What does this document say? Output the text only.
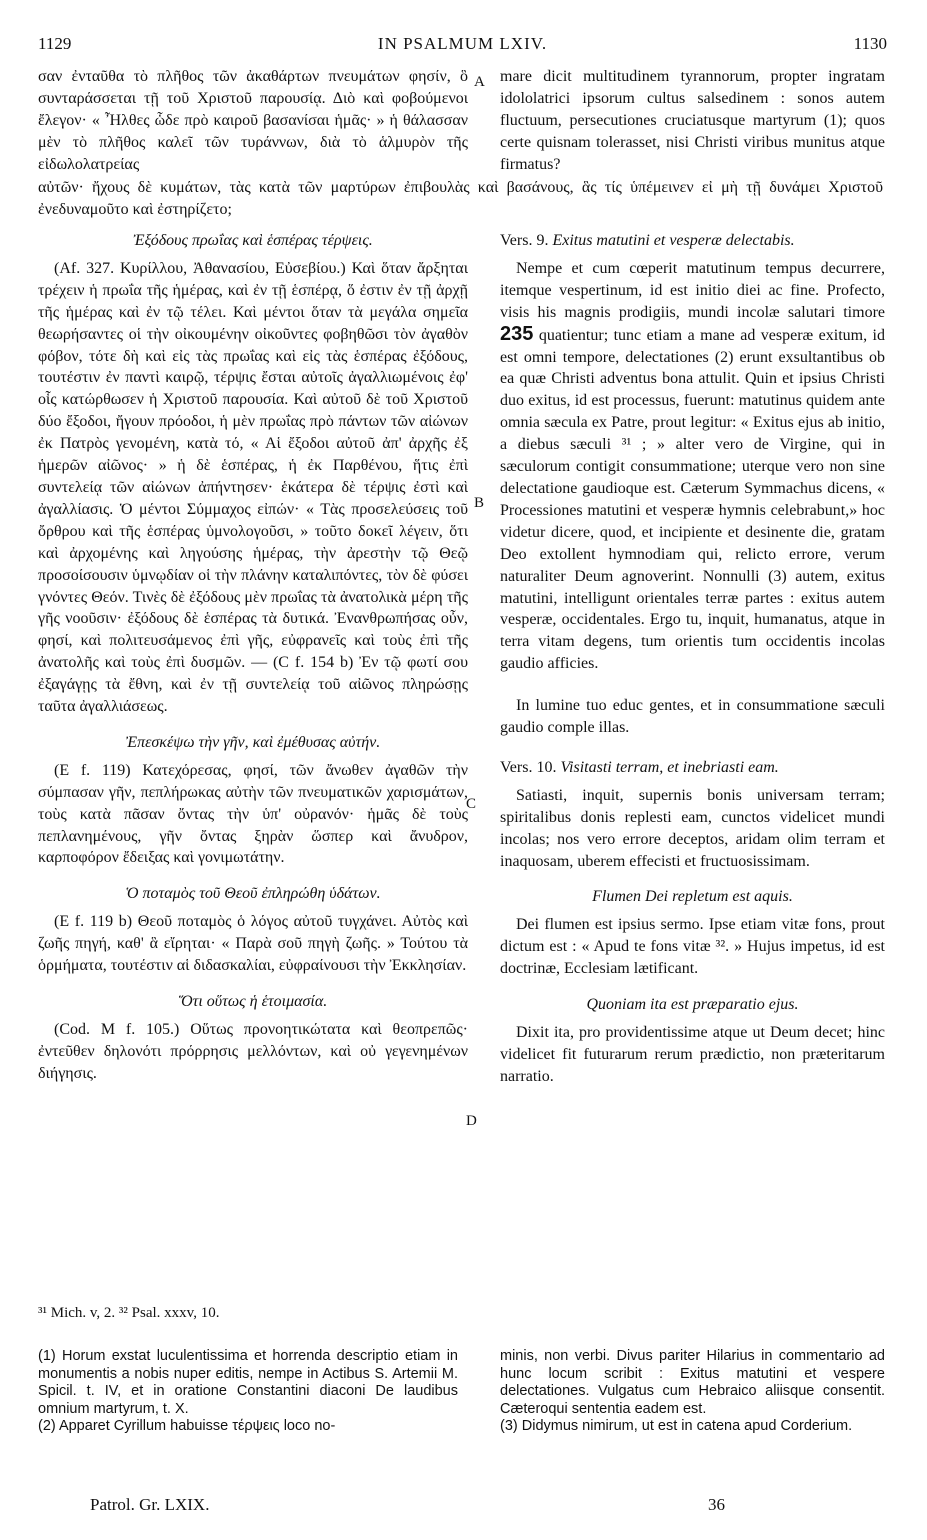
1129	IN PSALMUM LXIV.	1130
A
B
C
D

σαν ἐνταῦθα τὸ πλῆθος τῶν ἀκαθάρτων πνευμάτων φησίν, ὃ συνταράσσεται τῇ τοῦ Χριστοῦ παρουσίᾳ. Διὸ καὶ φοβούμενοι ἔλεγον· « Ἦλθες ὧδε πρὸ καιροῦ βασανίσαι ἡμᾶς· » ἡ θάλασσαν μὲν τὸ πλῆθος καλεῖ τῶν τυράννων, διὰ τὸ ἁλμυρὸν τῆς εἰδωλολατρείας

mare dicit multitudinem tyrannorum, propter ingratam idololatrici ipsorum cultus salsedinem : sonos autem fluctuum, persecutiones cruciatusque martyrum (1); quos certe quisnam tolerasset, nisi Christi viribus munitus atque firmatus?

αὐτῶν· ἤχους δὲ κυμάτων, τὰς κατὰ τῶν μαρτύρων ἐπιβουλὰς καὶ βασάνους, ἃς τίς ὑπέμεινεν εἰ μὴ τῇ δυνάμει Χριστοῦ ἐνεδυναμοῦτο καὶ ἐστηρίζετο;
Ἐξόδους πρωΐας καὶ ἑσπέρας τέρψεις.

(Af. 327. Κυρίλλου, Ἀθανασίου, Εὐσεβίου.) Καὶ ὅταν ἄρξηται τρέχειν ἡ πρωΐα τῆς ἡμέρας, καὶ ἐν τῇ ἑσπέρᾳ, ὅ ἐστιν ἐν τῇ ἀρχῇ τῆς ἡμέρας καὶ ἐν τῷ τέλει. Καὶ μέντοι ὅταν τὰ μεγάλα σημεῖα θεωρήσαντες οἱ τὴν οἰκουμένην οἰκοῦντες φοβηθῶσι τὸν ἀγαθὸν φόβον, τότε δὴ καὶ εἰς τὰς πρωΐας καὶ εἰς τὰς ἑσπέρας ἐξόδους, τουτέστιν ἐν παντὶ καιρῷ, τέρψις ἔσται αὐτοῖς ἀγαλλιωμένοις ἐφ' οἷς κατώρθωσεν ἡ Χριστοῦ παρουσία. Καὶ αὐτοῦ δὲ τοῦ Χριστοῦ δύο ἔξοδοι, ἤγουν πρόοδοι, ἡ μὲν πρωΐας πρὸ πάντων τῶν αἰώνων ἐκ Πατρὸς γενομένη, κατὰ τό, « Αἱ ἔξοδοι αὐτοῦ ἀπ' ἀρχῆς ἐξ ἡμερῶν αἰῶνος· » ἡ δὲ ἑσπέρας, ἡ ἐκ Παρθένου, ἥτις ἐπὶ συντελείᾳ τῶν αἰώνων ἀπήντησεν· ἑκάτερα δὲ τέρψις ἐστὶ καὶ ἀγαλλίασις. Ὁ μέντοι Σύμμαχος εἰπών· « Τὰς προσελεύσεις τοῦ ὄρθρου καὶ τῆς ἑσπέρας ὑμνολογοῦσι, » τοῦτο δοκεῖ λέγειν, ὅτι καὶ ἀρχομένης καὶ ληγούσης ἡμέρας, τὴν ἀρεστὴν τῷ Θεῷ προσοίσουσιν ὑμνῳδίαν οἱ τὴν πλάνην καταλιπόντες, τὸν δὲ φύσει γνόντες Θεόν. Τινὲς δὲ ἐξόδους μὲν πρωΐας τὰ ἀνατολικὰ μέρη τῆς γῆς νοοῦσιν· ἐξόδους δὲ ἑσπέρας τὰ δυτικά. Ἐνανθρωπήσας οὖν, φησί, καὶ πολιτευσάμενος ἐπὶ γῆς, εὐφρανεῖς καὶ τοὺς ἐπὶ τῆς ἀνατολῆς καὶ τοὺς ἐπὶ δυσμῶν. — (C f. 154 b) Ἐν τῷ φωτί σου ἐξαγάγῃς τὰ ἔθνη, καὶ ἐν τῇ συντελείᾳ τοῦ αἰῶνος πληρώσῃς ταῦτα ἀγαλλιάσεως.

Ἐπεσκέψω τὴν γῆν, καὶ ἐμέθυσας αὐτήν.

(E f. 119) Κατεχόρεσας, φησί, τῶν ἄνωθεν ἀγαθῶν τὴν σύμπασαν γῆν, πεπλήρωκας αὐτὴν τῶν πνευματικῶν χαρισμάτων, τοὺς κατὰ πᾶσαν ὄντας τὴν ὑπ' οὐρανόν· ἡμᾶς δὲ τοὺς πεπλανημένους, γῆν ὄντας ξηρὰν ὥσπερ καὶ ἄνυδρον, καρποφόρον ἔδειξας καὶ γονιμωτάτην.

Ὁ ποταμὸς τοῦ Θεοῦ ἐπληρώθη ὑδάτων.

(E f. 119 b) Θεοῦ ποταμὸς ὁ λόγος αὐτοῦ τυγχάνει. Αὐτὸς καὶ ζωῆς πηγή, καθ' ἃ εἴρηται· « Παρὰ σοῦ πηγὴ ζωῆς. » Τούτου τὰ ὁρμήματα, τουτέστιν αἱ διδασκαλίαι, εὐφραίνουσι τὴν Ἐκκλησίαν.

Ὅτι οὕτως ἡ ἑτοιμασία.

(Cod. M f. 105.) Οὕτως προνοητικώτατα καὶ θεοπρεπῶς· ἐντεῦθεν δηλονότι πρόρρησις μελλόντων, καὶ οὐ γεγενημένων διήγησις.

Vers. 9. Exitus matutini et vesperæ delectabis.

Nempe et cum cœperit matutinum tempus decurrere, itemque vespertinum, id est initio diei ac fine. Profecto, visis his magnis prodigiis, mundi incolæ salutari timore 235 quatientur; tunc etiam a mane ad vesperæ exitum, id est omni tempore, delectationes (2) erunt exsultantibus ob ea quæ Christi adventus bona attulit. Quin et ipsius Christi duo exitus, id est processus, fuerunt: matutinus quidem ante omnia sæcula ex Patre, prout legitur: « Exitus ejus ab initio, a diebus sæculi ³¹ ; » alter vero de Virgine, qui in sæculorum contigit consummatione; uterque vero non sine delectatione gaudioque est. Cæterum Symmachus dicens, « Processiones matutini et vesperæ hymnis celebrabunt,» hoc videtur dicere, quod, et incipiente et desinente die, gratam Deo extollent hymnodiam qui, relicto errore, verum naturaliter Deum agnoverint. Nonnulli (3) autem, exitus matutini, intelligunt orientales terræ partes : exitus autem vesperæ, occidentales. Ergo tu, inquit, humanatus, atque in terra vitam degens, tum orientis tum occidentis incolas gaudio afficies.

In lumine tuo educ gentes, et in consummatione sæculi gaudio comple illas.

Vers. 10. Visitasti terram, et inebriasti eam.

Satiasti, inquit, supernis bonis universam terram; spiritalibus donis replesti eam, cunctos videlicet mundi incolas; nos vero errore deceptos, aridam olim terram et inaquosam, uberem effecisti et fructuosissimam.

Flumen Dei repletum est aquis.

Dei flumen est ipsius sermo. Ipse etiam vitæ fons, prout dictum est : « Apud te fons vitæ ³². » Hujus impetus, id est doctrinæ, Ecclesiam lætificant.

Quoniam ita est præparatio ejus.

Dixit ita, pro providentissime atque ut Deum decet; hinc videlicet fit futurarum rerum prædictio, non præteritarum narratio.

³¹ Mich. v, 2. ³² Psal. xxxv, 10.

(1) Horum exstat luculentissima et horrenda descriptio etiam in monumentis a nobis nuper editis, nempe in Actibus S. Artemii M. Spicil. t. IV, et in oratione Constantini diaconi De laudibus omnium martyrum, t. X.

(2) Apparet Cyrillum habuisse τέρψεις loco no-

minis, non verbi. Divus pariter Hilarius in commentario ad hunc locum scribit : Exitus matutini et vespere delectationes. Vulgatus cum Hebraico aliisque consentit. Cæteroqui sententia eadem est.

(3) Didymus nimirum, ut est in catena apud Corderium.

Patrol. Gr. LXIX.	36
